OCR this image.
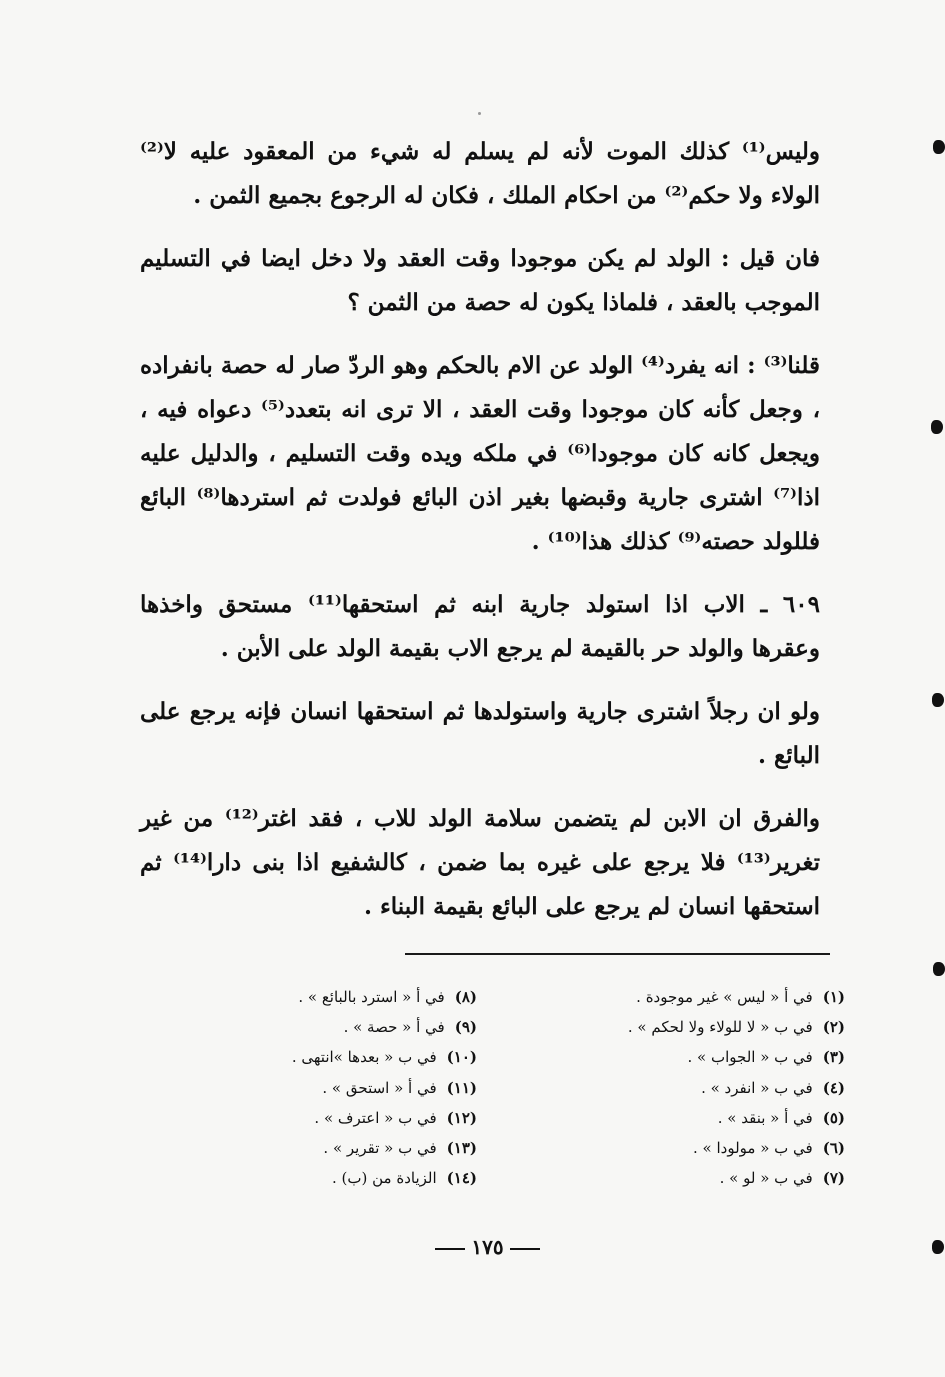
وليس⁽¹⁾ كذلك الموت لأنه لم يسلم له شيء من المعقود عليه لا⁽²⁾ الولاء ولا حكم⁽²⁾ من احكام الملك ، فكان له الرجوع بجميع الثمن .

فان قيل : الولد لم يكن موجودا وقت العقد ولا دخل ايضا في التسليم الموجب بالعقد ، فلماذا يكون له حصة من الثمن ؟

قلنا⁽³⁾ : انه يفرد⁽⁴⁾ الولد عن الام بالحكم وهو الردّ صار له حصة بانفراده ، وجعل كأنه كان موجودا وقت العقد ، الا ترى انه بتعدد⁽⁵⁾ دعواه فيه ، ويجعل كانه كان موجودا⁽⁶⁾ في ملكه ويده وقت التسليم ، والدليل عليه اذا⁽⁷⁾ اشترى جارية وقبضها بغير اذن البائع فولدت ثم استردها⁽⁸⁾ البائع فللولد حصته⁽⁹⁾ كذلك هذا⁽¹⁰⁾ .

٦٠٩ ـ الاب اذا استولد جارية ابنه ثم استحقها⁽¹¹⁾ مستحق واخذها وعقرها والولد حر بالقيمة لم يرجع الاب بقيمة الولد على الأبن .

ولو ان رجلاً اشترى جارية واستولدها ثم استحقها انسان فإنه يرجع على البائع .

والفرق ان الابن لم يتضمن سلامة الولد للاب ، فقد اغتر⁽¹²⁾ من غير تغرير⁽¹³⁾ فلا يرجع على غيره بما ضمن ، كالشفيع اذا بنى دارا⁽¹⁴⁾ ثم استحقها انسان لم يرجع على البائع بقيمة البناء .

(١)في أ « ليس » غير موجودة .
(٢)في ب « لا للولاء ولا لحكم » .
(٣)في ب « الجواب » .
(٤)في ب « انفرد » .
(٥)في أ « بنقد » .
(٦)في ب « مولودا » .
(٧)في ب « لو » .
(٨)في أ « استرد بالبائع » .
(٩)في أ « حصة » .
(١٠)في ب « بعدها »انتهى .
(١١)في أ « استحق » .
(١٢)في ب « اعترف » .
(١٣)في ب « تقرير » .
(١٤)الزيادة من (ب) .
١٧٥
